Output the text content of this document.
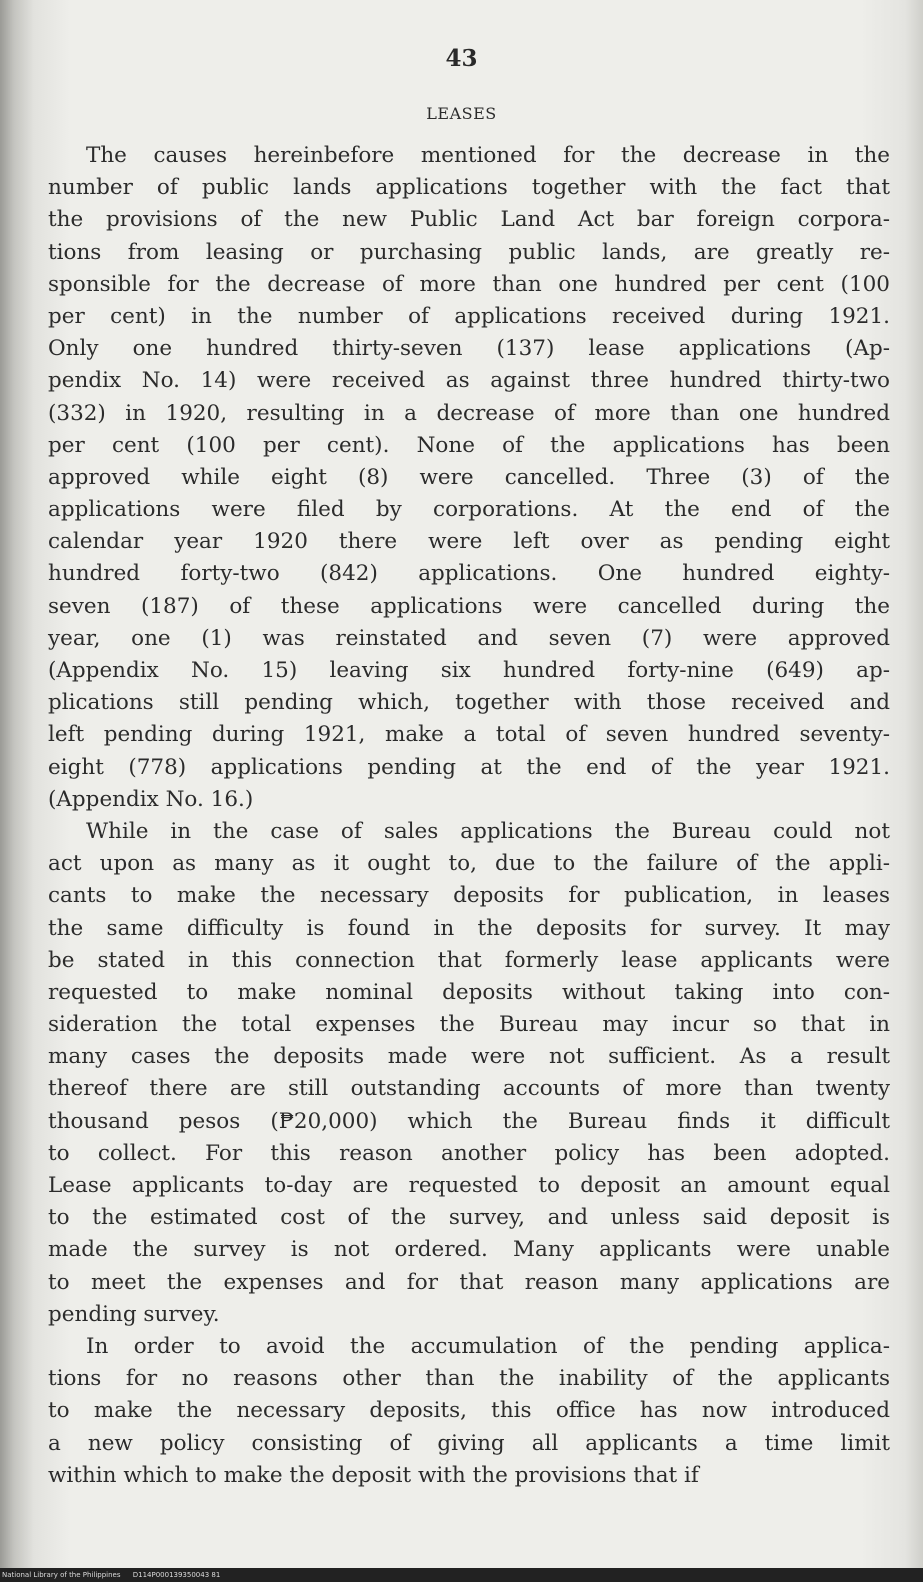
43
LEASES
The causes hereinbefore mentioned for the decrease in the
number of public lands applications together with the fact that
the provisions of the new Public Land Act bar foreign corpora-
tions from leasing or purchasing public lands, are greatly re-
sponsible for the decrease of more than one hundred per cent (100
per cent) in the number of applications received during 1921.
Only one hundred thirty-seven (137) lease applications (Ap-
pendix No. 14) were received as against three hundred thirty-two
(332) in 1920, resulting in a decrease of more than one hundred
per cent (100 per cent). None of the applications has been
approved while eight (8) were cancelled. Three (3) of the
applications were filed by corporations. At the end of the
calendar year 1920 there were left over as pending eight
hundred forty-two (842) applications. One hundred eighty-
seven (187) of these applications were cancelled during the
year, one (1) was reinstated and seven (7) were approved
(Appendix No. 15) leaving six hundred forty-nine (649) ap-
plications still pending which, together with those received and
left pending during 1921, make a total of seven hundred seventy-
eight (778) applications pending at the end of the year 1921.
(Appendix No. 16.)
While in the case of sales applications the Bureau could not
act upon as many as it ought to, due to the failure of the appli-
cants to make the necessary deposits for publication, in leases
the same difficulty is found in the deposits for survey. It may
be stated in this connection that formerly lease applicants were
requested to make nominal deposits without taking into con-
sideration the total expenses the Bureau may incur so that in
many cases the deposits made were not sufficient. As a result
thereof there are still outstanding accounts of more than twenty
thousand pesos (₱20,000) which the Bureau finds it difficult
to collect. For this reason another policy has been adopted.
Lease applicants to-day are requested to deposit an amount equal
to the estimated cost of the survey, and unless said deposit is
made the survey is not ordered. Many applicants were unable
to meet the expenses and for that reason many applications are
pending survey.
In order to avoid the accumulation of the pending applica-
tions for no reasons other than the inability of the applicants
to make the necessary deposits, this office has now introduced
a new policy consisting of giving all applicants a time limit
within which to make the deposit with the provisions that if
National Library of the Philippines D114P000139350043 81
